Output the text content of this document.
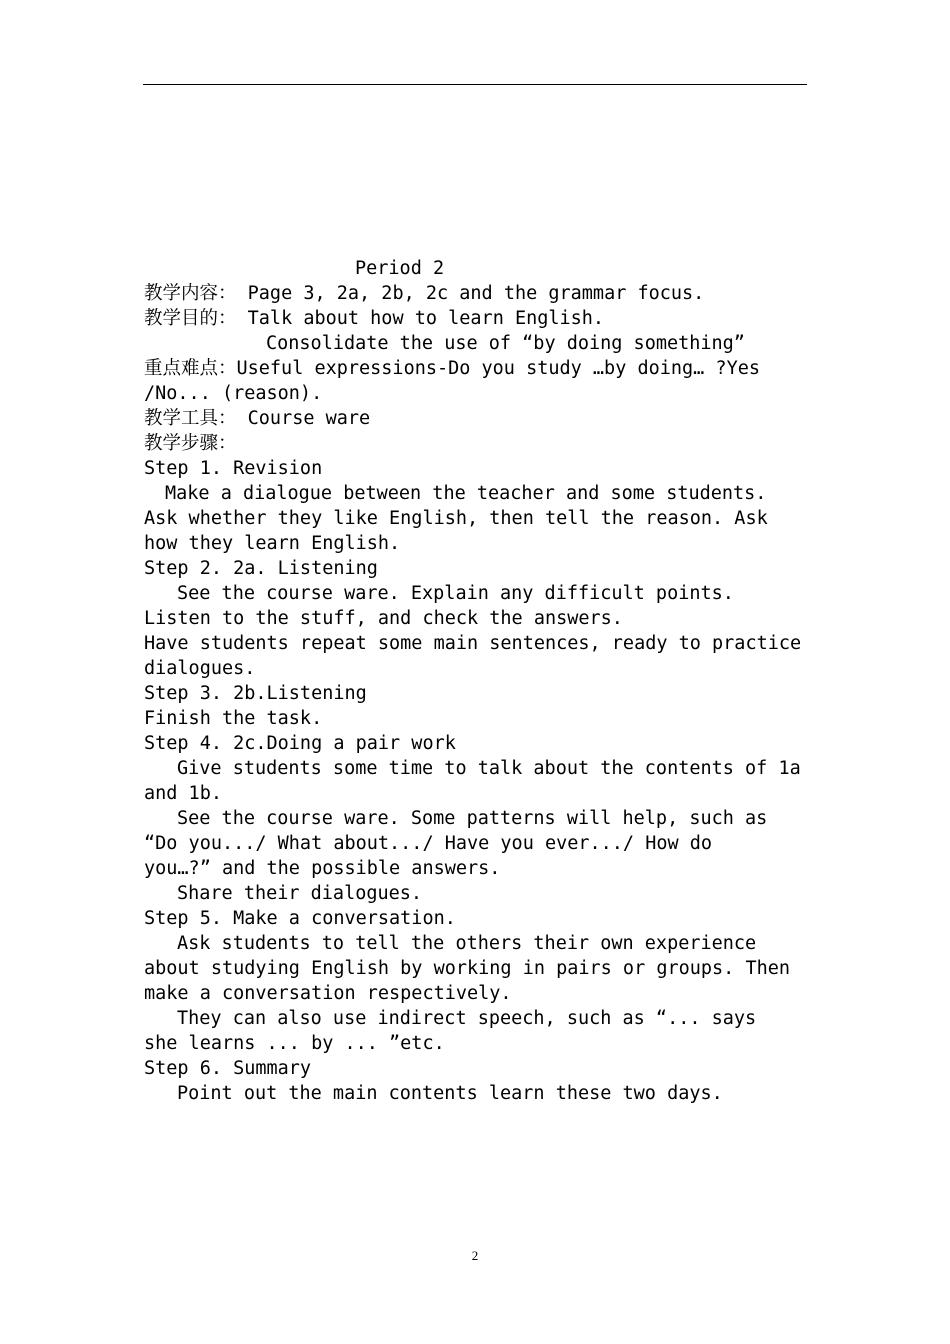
Period 2

教学内容： Page 3, 2a, 2b, 2c and the grammar focus.

教学目的： Talk about how to learn English.

Consolidate the use of “by doing something”

重点难点：Useful expressions-Do you study …by doing… ?Yes

/No... (reason).

教学工具： Course ware

教学步骤：

Step 1. Revision

Make a dialogue between the teacher and some students.

Ask whether they like English, then tell the reason. Ask

how they learn English.

Step 2. 2a. Listening

See the course ware. Explain any difficult points.

Listen to the stuff, and check the answers.

Have students repeat some main sentences, ready to practice

dialogues.

Step 3. 2b.Listening

Finish the task.

Step 4. 2c.Doing a pair work

Give students some time to talk about the contents of 1a

and 1b.

See the course ware. Some patterns will help, such as

“Do you.../ What about.../ Have you ever.../ How do

you…?” and the possible answers.

Share their dialogues.

Step 5. Make a conversation.

Ask students to tell the others their own experience

about studying English by working in pairs or groups. Then

make a conversation respectively.

They can also use indirect speech, such as “... says

she learns ... by ... ”etc.

Step 6. Summary

Point out the main contents learn these two days.

2
